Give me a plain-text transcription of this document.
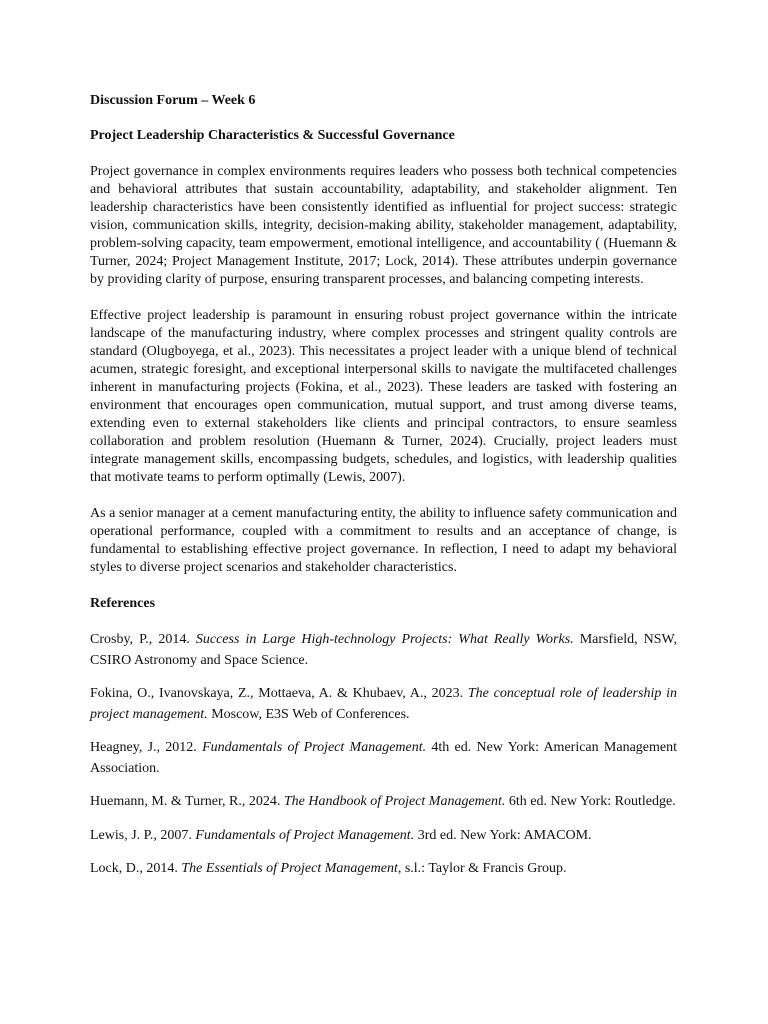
Discussion Forum – Week 6

Project Leadership Characteristics & Successful Governance

Project governance in complex environments requires leaders who possess both technical competencies and behavioral attributes that sustain accountability, adaptability, and stakeholder alignment. Ten leadership characteristics have been consistently identified as influential for project success: strategic vision, communication skills, integrity, decision-making ability, stakeholder management, adaptability, problem-solving capacity, team empowerment, emotional intelligence, and accountability ( (Huemann & Turner, 2024; Project Management Institute, 2017; Lock, 2014). These attributes underpin governance by providing clarity of purpose, ensuring transparent processes, and balancing competing interests.

Effective project leadership is paramount in ensuring robust project governance within the intricate landscape of the manufacturing industry, where complex processes and stringent quality controls are standard (Olugboyega, et al., 2023). This necessitates a project leader with a unique blend of technical acumen, strategic foresight, and exceptional interpersonal skills to navigate the multifaceted challenges inherent in manufacturing projects (Fokina, et al., 2023). These leaders are tasked with fostering an environment that encourages open communication, mutual support, and trust among diverse teams, extending even to external stakeholders like clients and principal contractors, to ensure seamless collaboration and problem resolution (Huemann & Turner, 2024). Crucially, project leaders must integrate management skills, encompassing budgets, schedules, and logistics, with leadership qualities that motivate teams to perform optimally (Lewis, 2007).

As a senior manager at a cement manufacturing entity, the ability to influence safety communication and operational performance, coupled with a commitment to results and an acceptance of change, is fundamental to establishing effective project governance. In reflection, I need to adapt my behavioral styles to diverse project scenarios and stakeholder characteristics.

References

Crosby, P., 2014. Success in Large High-technology Projects: What Really Works. Marsfield, NSW, CSIRO Astronomy and Space Science.

Fokina, O., Ivanovskaya, Z., Mottaeva, A. & Khubaev, A., 2023. The conceptual role of leadership in project management. Moscow, E3S Web of Conferences.

Heagney, J., 2012. Fundamentals of Project Management. 4th ed. New York: American Management Association.

Huemann, M. & Turner, R., 2024. The Handbook of Project Management. 6th ed. New York: Routledge.

Lewis, J. P., 2007. Fundamentals of Project Management. 3rd ed. New York: AMACOM.

Lock, D., 2014. The Essentials of Project Management, s.l.: Taylor & Francis Group.
